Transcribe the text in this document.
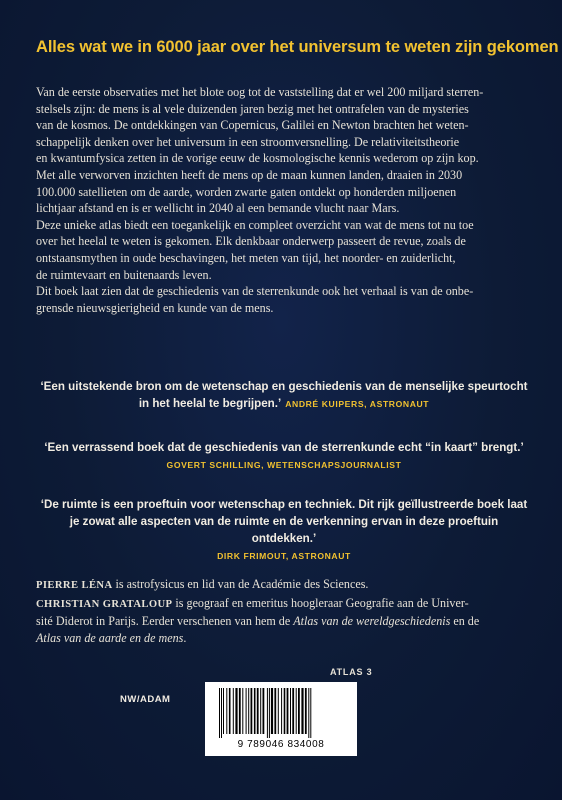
Alles wat we in 6000 jaar over het universum te weten zijn gekomen

Van de eerste observaties met het blote oog tot de vaststelling dat er wel 200 miljard sterren-

stelsels zijn: de mens is al vele duizenden jaren bezig met het ontrafelen van de mysteries

van de kosmos. De ontdekkingen van Copernicus, Galilei en Newton brachten het weten-

schappelijk denken over het universum in een stroomversnelling. De relativiteitstheorie

en kwantumfysica zetten in de vorige eeuw de kosmologische kennis wederom op zijn kop.

Met alle verworven inzichten heeft de mens op de maan kunnen landen, draaien in 2030

100.000 satellieten om de aarde, worden zwarte gaten ontdekt op honderden miljoenen

lichtjaar afstand en is er wellicht in 2040 al een bemande vlucht naar Mars.

Deze unieke atlas biedt een toegankelijk en compleet overzicht van wat de mens tot nu toe

over het heelal te weten is gekomen. Elk denkbaar onderwerp passeert de revue, zoals de

ontstaansmythen in oude beschavingen, het meten van tijd, het noorder- en zuiderlicht,

de ruimtevaart en buitenaards leven.

Dit boek laat zien dat de geschiedenis van de sterrenkunde ook het verhaal is van de onbe-

grensde nieuwsgierigheid en kunde van de mens.

‘Een uitstekende bron om de wetenschap en geschiedenis van de menselijke speurtocht
in het heelal te begrijpen.’ ANDRÉ KUIPERS, ASTRONAUT
‘Een verrassend boek dat de geschiedenis van de sterrenkunde echt “in kaart” brengt.’
GOVERT SCHILLING, WETENSCHAPSJOURNALIST
‘De ruimte is een proeftuin voor wetenschap en techniek. Dit rijk geïllustreerde boek laat
je zowat alle aspecten van de ruimte en de verkenning ervan in deze proeftuin ontdekken.’
DIRK FRIMOUT, ASTRONAUT

PIERRE LÉNA is astrofysicus en lid van de Académie des Sciences.

CHRISTIAN GRATALOUP is geograaf en emeritus hoogleraar Geografie aan de Univer-

sité Diderot in Parijs. Eerder verschenen van hem de Atlas van de wereldgeschiedenis en de

Atlas van de aarde en de mens.

ATLAS 3
NW/ADAM
9 789046 834008
